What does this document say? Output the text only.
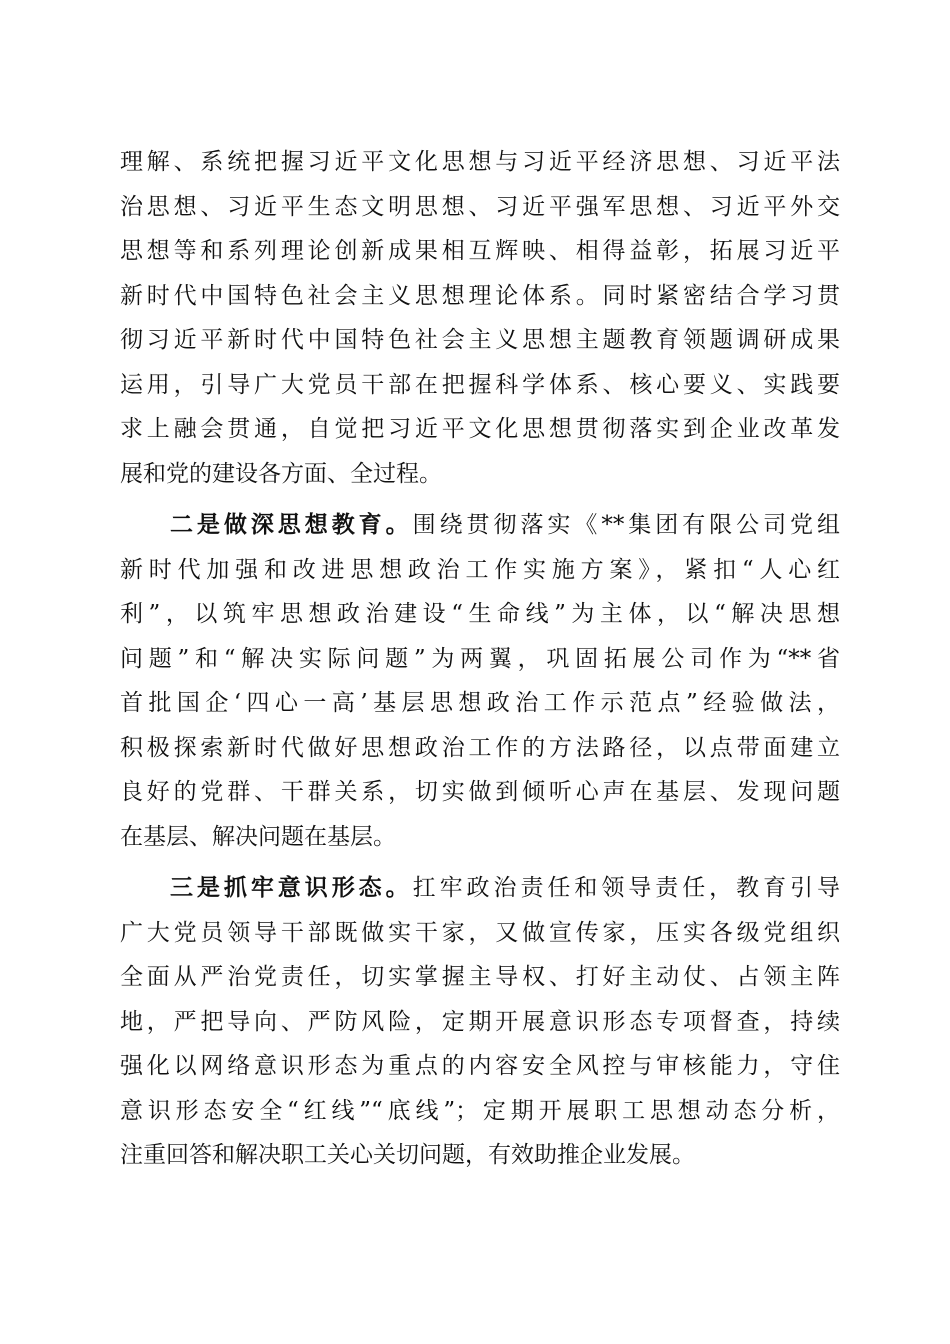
理解、系统把握习近平文化思想与习近平经济思想、习近平法
治思想、习近平生态文明思想、习近平强军思想、习近平外交
思想等和系列理论创新成果相互辉映、相得益彰，拓展习近平
新时代中国特色社会主义思想理论体系。同时紧密结合学习贯
彻习近平新时代中国特色社会主义思想主题教育领题调研成果
运用，引导广大党员干部在把握科学体系、核心要义、实践要
求上融会贯通，自觉把习近平文化思想贯彻落实到企业改革发
展和党的建设各方面、全过程。
二是做深思想教育。围绕贯彻落实《**集团有限公司党组
新时代加强和改进思想政治工作实施方案》，紧扣“人心红
利”，以筑牢思想政治建设“生命线”为主体，以“解决思想
问题”和“解决实际问题”为两翼，巩固拓展公司作为“**省
首批国企‘四心一高’基层思想政治工作示范点”经验做法，
积极探索新时代做好思想政治工作的方法路径，以点带面建立
良好的党群、干群关系，切实做到倾听心声在基层、发现问题
在基层、解决问题在基层。
三是抓牢意识形态。扛牢政治责任和领导责任，教育引导
广大党员领导干部既做实干家，又做宣传家，压实各级党组织
全面从严治党责任，切实掌握主导权、打好主动仗、占领主阵
地，严把导向、严防风险，定期开展意识形态专项督查，持续
强化以网络意识形态为重点的内容安全风控与审核能力，守住
意识形态安全“红线”“底线”；定期开展职工思想动态分析，
注重回答和解决职工关心关切问题，有效助推企业发展。
